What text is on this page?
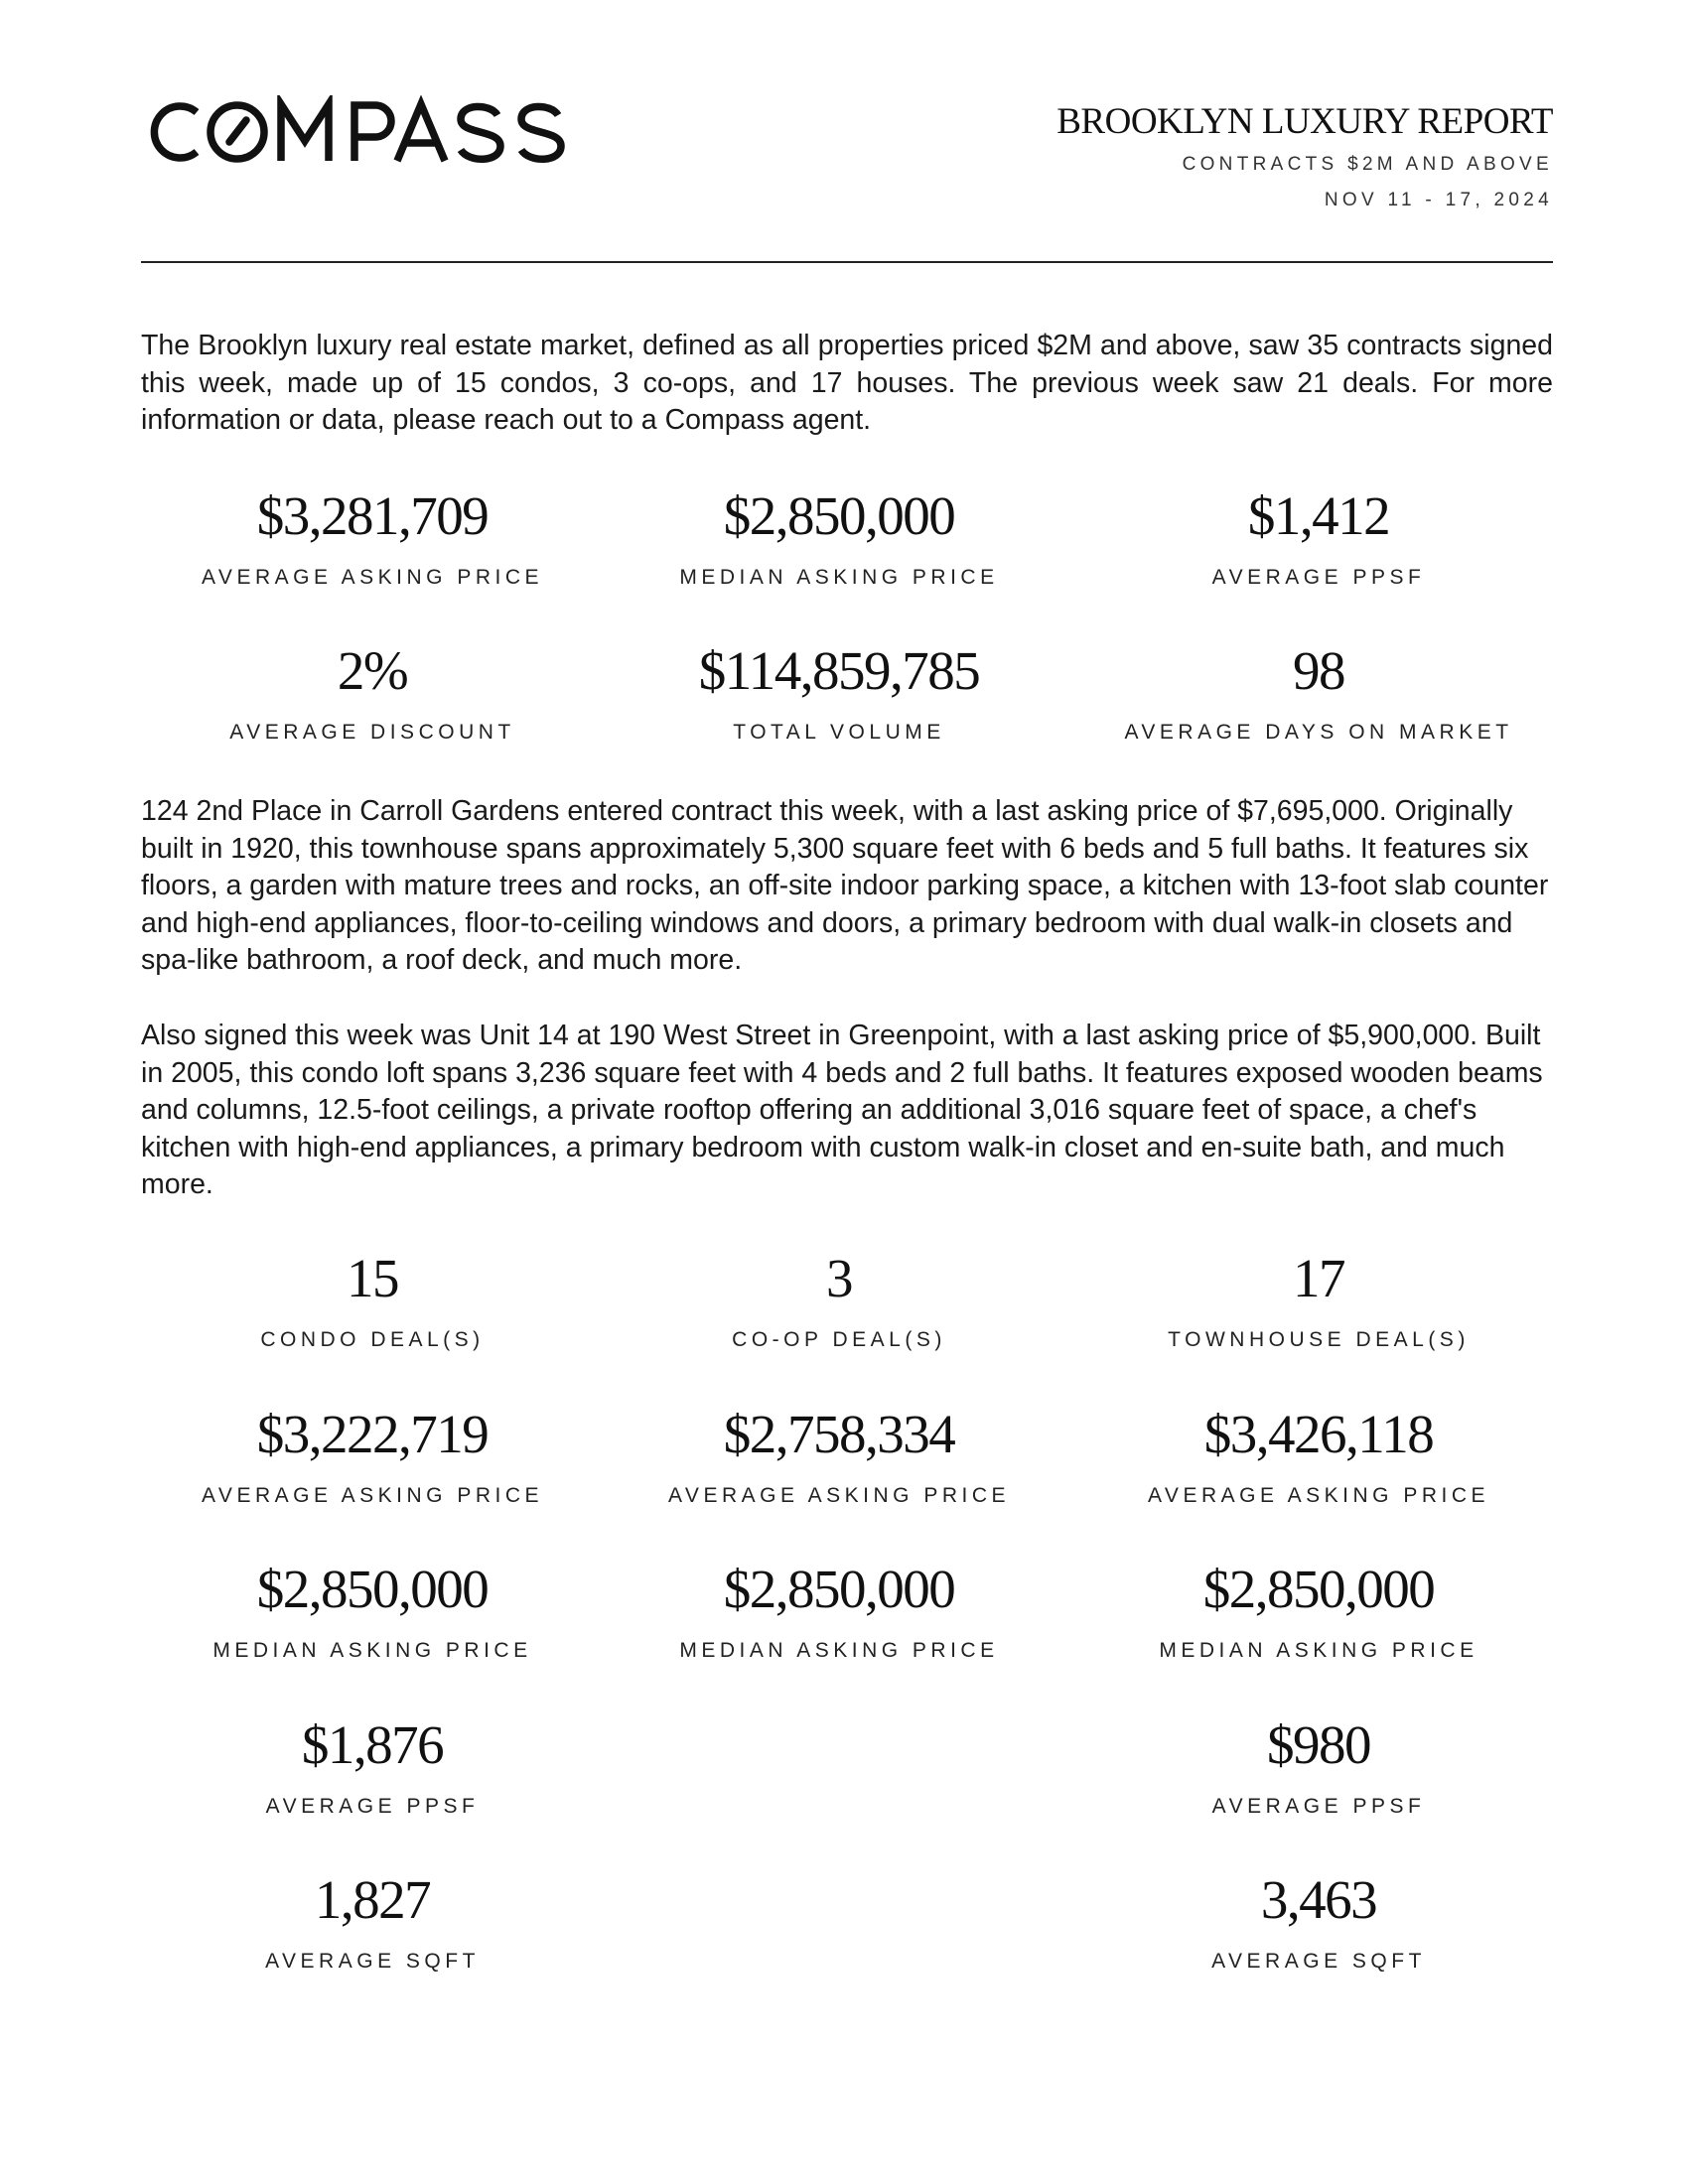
BROOKLYN LUXURY REPORT
CONTRACTS $2M AND ABOVE
NOV 11 - 17, 2024

The Brooklyn luxury real estate market, defined as all properties priced $2M and above, saw 35 contracts signed this week, made up of 15 condos, 3 co-ops, and 17 houses. The previous week saw 21 deals. For more information or data, please reach out to a Compass agent.

$3,281,709
AVERAGE ASKING PRICE
$2,850,000
MEDIAN ASKING PRICE
$1,412
AVERAGE PPSF
2%
AVERAGE DISCOUNT
$114,859,785
TOTAL VOLUME
98
AVERAGE DAYS ON MARKET

124 2nd Place in Carroll Gardens entered contract this week, with a last asking price of $7,695,000. Originally built in 1920, this townhouse spans approximately 5,300 square feet with 6 beds and 5 full baths. It features six floors, a garden with mature trees and rocks, an off-site indoor parking space, a kitchen with 13-foot slab counter and high-end appliances, floor-to-ceiling windows and doors, a primary bedroom with dual walk-in closets and spa-like bathroom, a roof deck, and much more.

Also signed this week was Unit 14 at 190 West Street in Greenpoint, with a last asking price of $5,900,000. Built in 2005, this condo loft spans 3,236 square feet with 4 beds and 2 full baths. It features exposed wooden beams and columns, 12.5-foot ceilings, a private rooftop offering an additional 3,016 square feet of space, a chef's kitchen with high-end appliances, a primary bedroom with custom walk-in closet and en-suite bath, and much more.

15
CONDO DEAL(S)
3
CO-OP DEAL(S)
17
TOWNHOUSE DEAL(S)
$3,222,719
AVERAGE ASKING PRICE
$2,758,334
AVERAGE ASKING PRICE
$3,426,118
AVERAGE ASKING PRICE
$2,850,000
MEDIAN ASKING PRICE
$2,850,000
MEDIAN ASKING PRICE
$2,850,000
MEDIAN ASKING PRICE
$1,876
AVERAGE PPSF
$980
AVERAGE PPSF
1,827
AVERAGE SQFT
3,463
AVERAGE SQFT
